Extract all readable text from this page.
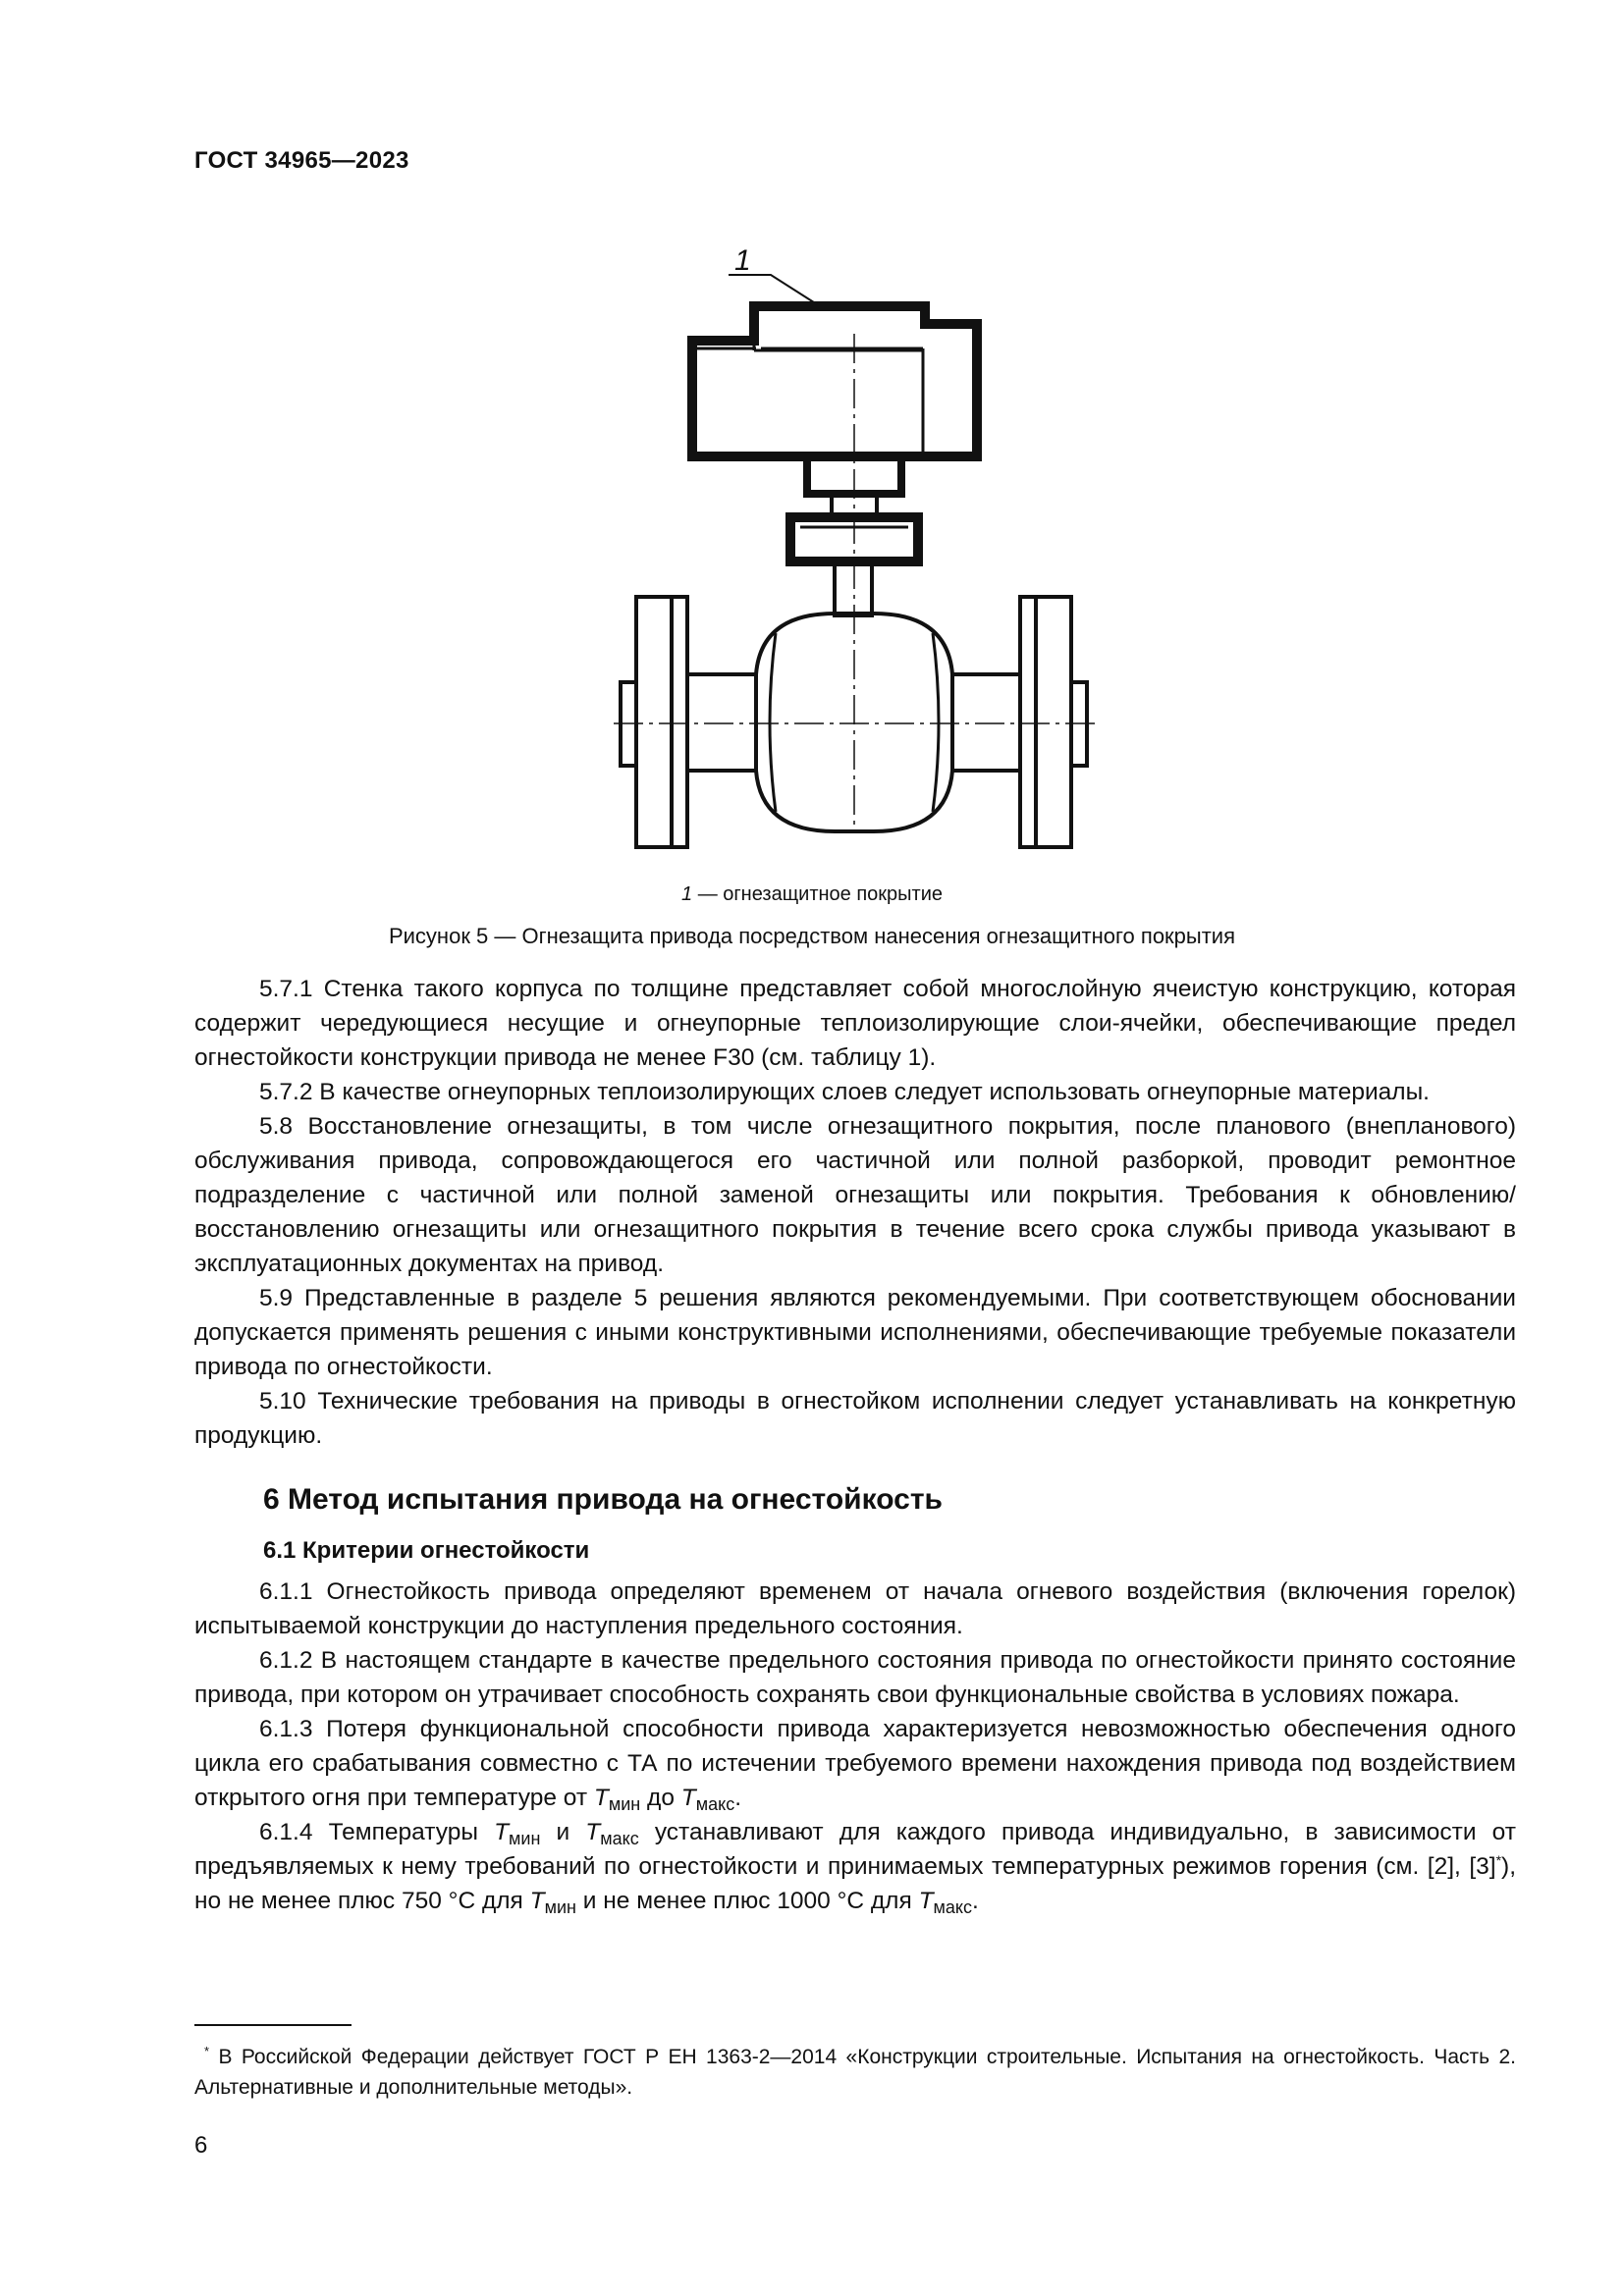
ГОСТ 34965—2023
1
1 — огнезащитное покрытие
Рисунок 5 — Огнезащита привода посредством нанесения огнезащитного покрытия

5.7.1 Стенка такого корпуса по толщине представляет собой многослойную ячеистую конструкцию, которая содержит чередующиеся несущие и огнеупорные теплоизолирующие слои-ячейки, обеспечивающие предел огнестойкости конструкции привода не менее F30 (см. таблицу 1).

5.7.2 В качестве огнеупорных теплоизолирующих слоев следует использовать огнеупорные материалы.

5.8 Восстановление огнезащиты, в том числе огнезащитного покрытия, после планового (внепланового) обслуживания привода, сопровождающегося его частичной или полной разборкой, проводит ремонтное подразделение с частичной или полной заменой огнезащиты или покрытия. Требования к обновлению/восстановлению огнезащиты или огнезащитного покрытия в течение всего срока службы привода указывают в эксплуатационных документах на привод.

5.9 Представленные в разделе 5 решения являются рекомендуемыми. При соответствующем обосновании допускается применять решения с иными конструктивными исполнениями, обеспечивающие требуемые показатели привода по огнестойкости.

5.10 Технические требования на приводы в огнестойком исполнении следует устанавливать на конкретную продукцию.

6 Метод испытания привода на огнестойкость

6.1 Критерии огнестойкости

6.1.1 Огнестойкость привода определяют временем от начала огневого воздействия (включения горелок) испытываемой конструкции до наступления предельного состояния.

6.1.2 В настоящем стандарте в качестве предельного состояния привода по огнестойкости принято состояние привода, при котором он утрачивает способность сохранять свои функциональные свойства в условиях пожара.

6.1.3 Потеря функциональной способности привода характеризуется невозможностью обеспечения одного цикла его срабатывания совместно с ТА по истечении требуемого времени нахождения привода под воздействием открытого огня при температуре от $T_{мин}$ до $T_{макс}$.

6.1.4 Температуры $T_{мин}$ и $T_{макс}$ устанавливают для каждого привода индивидуально, в зависимости от предъявляемых к нему требований по огнестойкости и принимаемых температурных режимов горения (см. [2], [3]*), но не менее плюс 750 °С для $T_{мин}$ и не менее плюс 1000 °С для $T_{макс}$.

* В Российской Федерации действует ГОСТ Р ЕН 1363-2—2014 «Конструкции строительные. Испытания на огнестойкость. Часть 2. Альтернативные и дополнительные методы».
6
